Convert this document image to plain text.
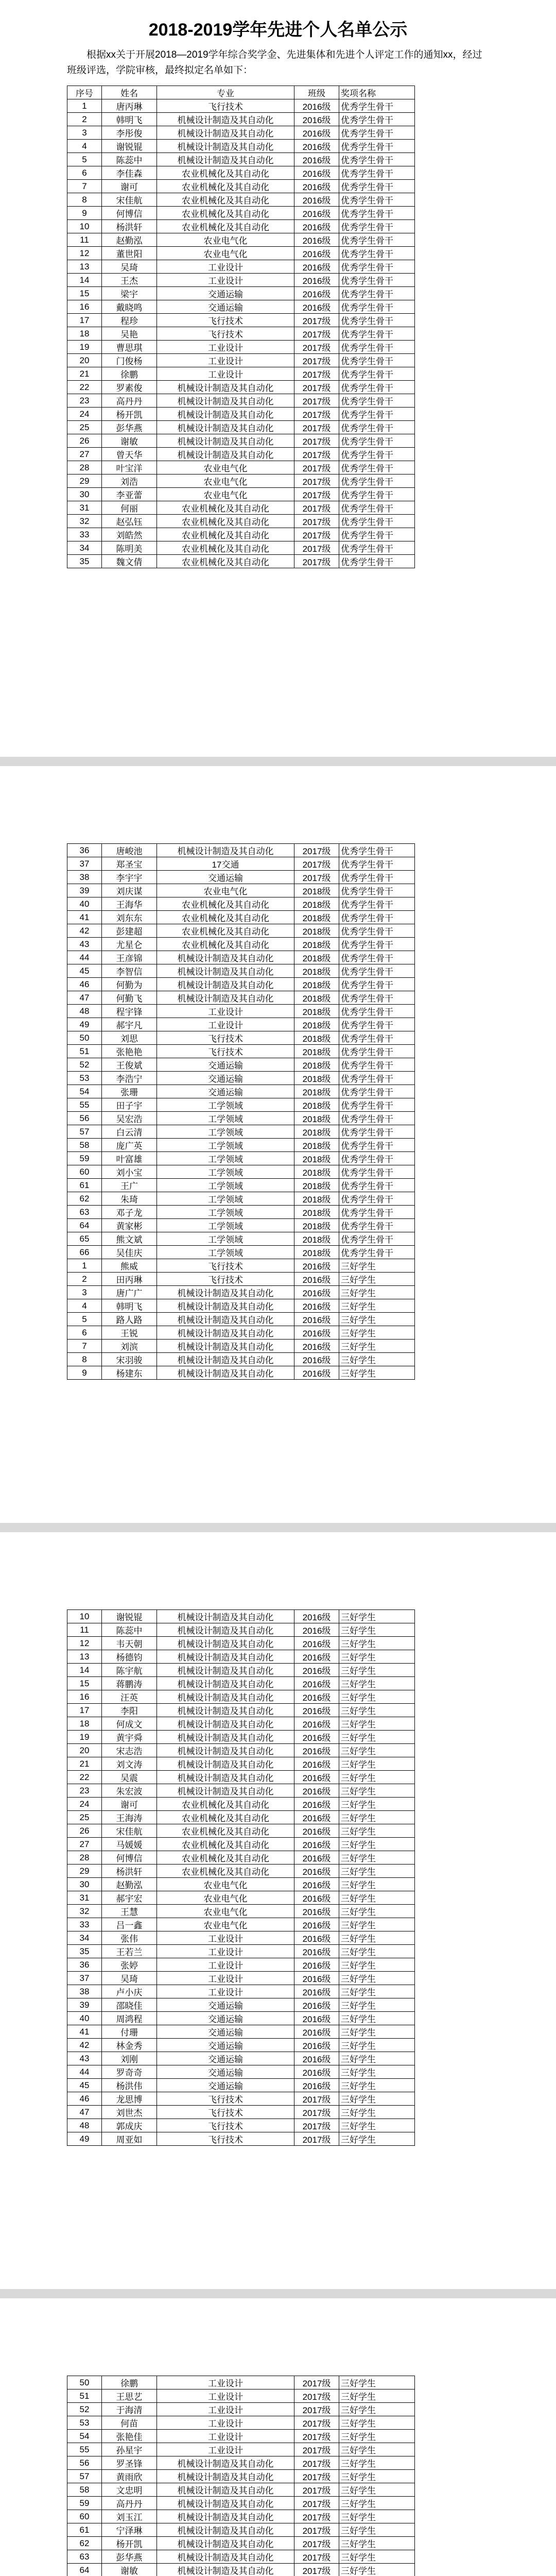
2018-2019学年先进个人名单公示
根据xx关于开展2018—2019学年综合奖学金、先进集体和先进个人评定工作的通知xx，经过班级评选，学院审核，最终拟定名单如下：
序号	姓名	专业	班级	奖项名称
1	唐丙琳	飞行技术	2016级	优秀学生骨干
2	韩明飞	机械设计制造及其自动化	2016级	优秀学生骨干
3	李彤俊	机械设计制造及其自动化	2016级	优秀学生骨干
4	谢锐锟	机械设计制造及其自动化	2016级	优秀学生骨干
5	陈蕊中	机械设计制造及其自动化	2016级	优秀学生骨干
6	李佳森	农业机械化及其自动化	2016级	优秀学生骨干
7	谢可	农业机械化及其自动化	2016级	优秀学生骨干
8	宋佳航	农业机械化及其自动化	2016级	优秀学生骨干
9	何博信	农业机械化及其自动化	2016级	优秀学生骨干
10	杨洪轩	农业机械化及其自动化	2016级	优秀学生骨干
11	赵勤泓	农业电气化	2016级	优秀学生骨干
12	董世阳	农业电气化	2016级	优秀学生骨干
13	吴琦	工业设计	2016级	优秀学生骨干
14	王杰	工业设计	2016级	优秀学生骨干
15	梁宇	交通运输	2016级	优秀学生骨干
16	戴晓鸣	交通运输	2016级	优秀学生骨干
17	程珍	飞行技术	2017级	优秀学生骨干
18	吴艳	飞行技术	2017级	优秀学生骨干
19	曹思琪	工业设计	2017级	优秀学生骨干
20	门俊杨	工业设计	2017级	优秀学生骨干
21	徐鹏	工业设计	2017级	优秀学生骨干
22	罗素俊	机械设计制造及其自动化	2017级	优秀学生骨干
23	高丹丹	机械设计制造及其自动化	2017级	优秀学生骨干
24	杨开凯	机械设计制造及其自动化	2017级	优秀学生骨干
25	彭华燕	机械设计制造及其自动化	2017级	优秀学生骨干
26	谢敏	机械设计制造及其自动化	2017级	优秀学生骨干
27	曾天华	机械设计制造及其自动化	2017级	优秀学生骨干
28	叶宝洋	农业电气化	2017级	优秀学生骨干
29	刘浩	农业电气化	2017级	优秀学生骨干
30	李亚蕾	农业电气化	2017级	优秀学生骨干
31	何丽	农业机械化及其自动化	2017级	优秀学生骨干
32	赵弘钰	农业机械化及其自动化	2017级	优秀学生骨干
33	刘皓然	农业机械化及其自动化	2017级	优秀学生骨干
34	陈明美	农业机械化及其自动化	2017级	优秀学生骨干
35	魏文倩	农业机械化及其自动化	2017级	优秀学生骨干
36	唐峻池	机械设计制造及其自动化	2017级	优秀学生骨干
37	郑圣宝	17交通	2017级	优秀学生骨干
38	李宇宇	交通运输	2017级	优秀学生骨干
39	刘庆谋	农业电气化	2018级	优秀学生骨干
40	王海华	农业机械化及其自动化	2018级	优秀学生骨干
41	刘东东	农业机械化及其自动化	2018级	优秀学生骨干
42	彭建超	农业机械化及其自动化	2018级	优秀学生骨干
43	尤星仑	农业机械化及其自动化	2018级	优秀学生骨干
44	王彦锦	机械设计制造及其自动化	2018级	优秀学生骨干
45	李智信	机械设计制造及其自动化	2018级	优秀学生骨干
46	何勤为	机械设计制造及其自动化	2018级	优秀学生骨干
47	何勤飞	机械设计制造及其自动化	2018级	优秀学生骨干
48	程宇锋	工业设计	2018级	优秀学生骨干
49	郝宇凡	工业设计	2018级	优秀学生骨干
50	刘思	飞行技术	2018级	优秀学生骨干
51	张艳艳	飞行技术	2018级	优秀学生骨干
52	王俊斌	交通运输	2018级	优秀学生骨干
53	李浩宁	交通运输	2018级	优秀学生骨干
54	张珊	交通运输	2018级	优秀学生骨干
55	田子宇	工学领域	2018级	优秀学生骨干
56	吴宏浩	工学领域	2018级	优秀学生骨干
57	白云清	工学领域	2018级	优秀学生骨干
58	庞广英	工学领域	2018级	优秀学生骨干
59	叶富雄	工学领域	2018级	优秀学生骨干
60	刘小宝	工学领域	2018级	优秀学生骨干
61	王广	工学领域	2018级	优秀学生骨干
62	朱琦	工学领域	2018级	优秀学生骨干
63	邓子龙	工学领域	2018级	优秀学生骨干
64	黄家彬	工学领域	2018级	优秀学生骨干
65	熊文斌	工学领域	2018级	优秀学生骨干
66	吴佳庆	工学领域	2018级	优秀学生骨干
1	熊威	飞行技术	2016级	三好学生
2	田丙琳	飞行技术	2016级	三好学生
3	唐广广	机械设计制造及其自动化	2016级	三好学生
4	韩明飞	机械设计制造及其自动化	2016级	三好学生
5	路人路	机械设计制造及其自动化	2016级	三好学生
6	王锐	机械设计制造及其自动化	2016级	三好学生
7	刘滨	机械设计制造及其自动化	2016级	三好学生
8	宋羽骏	机械设计制造及其自动化	2016级	三好学生
9	杨建东	机械设计制造及其自动化	2016级	三好学生
10	谢锐锟	机械设计制造及其自动化	2016级	三好学生
11	陈蕊中	机械设计制造及其自动化	2016级	三好学生
12	韦天朝	机械设计制造及其自动化	2016级	三好学生
13	杨德钧	机械设计制造及其自动化	2016级	三好学生
14	陈宇航	机械设计制造及其自动化	2016级	三好学生
15	蒋鹏涛	机械设计制造及其自动化	2016级	三好学生
16	汪英	机械设计制造及其自动化	2016级	三好学生
17	李阳	机械设计制造及其自动化	2016级	三好学生
18	何成文	机械设计制造及其自动化	2016级	三好学生
19	黄宇舜	机械设计制造及其自动化	2016级	三好学生
20	宋志浩	机械设计制造及其自动化	2016级	三好学生
21	刘文涛	机械设计制造及其自动化	2016级	三好学生
22	吴震	机械设计制造及其自动化	2016级	三好学生
23	朱宏波	机械设计制造及其自动化	2016级	三好学生
24	谢可	农业机械化及其自动化	2016级	三好学生
25	王海涛	农业机械化及其自动化	2016级	三好学生
26	宋佳航	农业机械化及其自动化	2016级	三好学生
27	马媛媛	农业机械化及其自动化	2016级	三好学生
28	何博信	农业机械化及其自动化	2016级	三好学生
29	杨洪轩	农业机械化及其自动化	2016级	三好学生
30	赵勤泓	农业电气化	2016级	三好学生
31	郝宇宏	农业电气化	2016级	三好学生
32	王慧	农业电气化	2016级	三好学生
33	吕一鑫	农业电气化	2016级	三好学生
34	张伟	工业设计	2016级	三好学生
35	王若兰	工业设计	2016级	三好学生
36	张婷	工业设计	2016级	三好学生
37	吴琦	工业设计	2016级	三好学生
38	卢小庆	工业设计	2016级	三好学生
39	邵晓佳	交通运输	2016级	三好学生
40	周鸿程	交通运输	2016级	三好学生
41	付珊	交通运输	2016级	三好学生
42	林金秀	交通运输	2016级	三好学生
43	刘刚	交通运输	2016级	三好学生
44	罗奇奇	交通运输	2016级	三好学生
45	杨洪伟	交通运输	2016级	三好学生
46	龙思博	飞行技术	2017级	三好学生
47	刘世杰	飞行技术	2017级	三好学生
48	郭成庆	飞行技术	2017级	三好学生
49	周亚如	飞行技术	2017级	三好学生
50	徐鹏	工业设计	2017级	三好学生
51	王思艺	工业设计	2017级	三好学生
52	于海清	工业设计	2017级	三好学生
53	何苗	工业设计	2017级	三好学生
54	张艳佳	工业设计	2017级	三好学生
55	孙星宇	工业设计	2017级	三好学生
56	罗圣锋	机械设计制造及其自动化	2017级	三好学生
57	黄雨欣	机械设计制造及其自动化	2017级	三好学生
58	文忠明	机械设计制造及其自动化	2017级	三好学生
59	高丹丹	机械设计制造及其自动化	2017级	三好学生
60	刘玉江	机械设计制造及其自动化	2017级	三好学生
61	宁泽琳	机械设计制造及其自动化	2017级	三好学生
62	杨开凯	机械设计制造及其自动化	2017级	三好学生
63	彭华燕	机械设计制造及其自动化	2017级	三好学生
64	谢敏	机械设计制造及其自动化	2017级	三好学生
